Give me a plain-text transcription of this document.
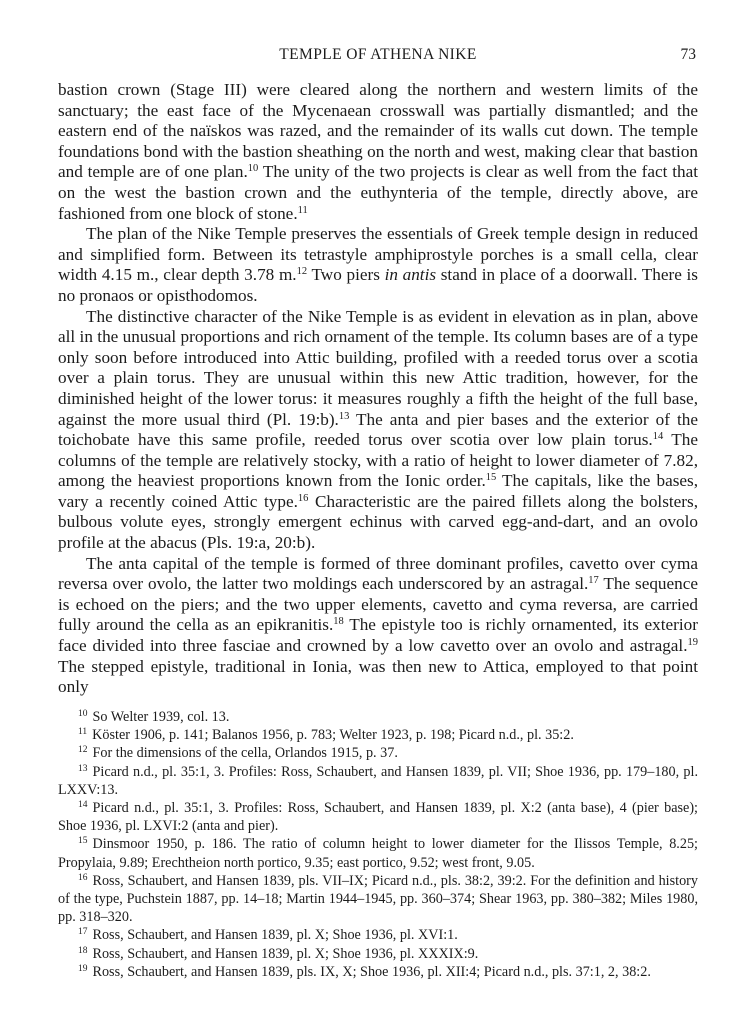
TEMPLE OF ATHENA NIKE	73

bastion crown (Stage III) were cleared along the northern and western limits of the sanctuary; the east face of the Mycenaean crosswall was partially dismantled; and the eastern end of the naïskos was razed, and the remainder of its walls cut down. The temple foundations bond with the bastion sheathing on the north and west, making clear that bastion and temple are of one plan.$^{10}$ The unity of the two projects is clear as well from the fact that on the west the bastion crown and the euthynteria of the temple, directly above, are fashioned from one block of stone.$^{11}$

The plan of the Nike Temple preserves the essentials of Greek temple design in reduced and simplified form. Between its tetrastyle amphiprostyle porches is a small cella, clear width 4.15 m., clear depth 3.78 m.$^{12}$ Two piers in antis stand in place of a doorwall. There is no pronaos or opisthodomos.

The distinctive character of the Nike Temple is as evident in elevation as in plan, above all in the unusual proportions and rich ornament of the temple. Its column bases are of a type only soon before introduced into Attic building, profiled with a reeded torus over a scotia over a plain torus. They are unusual within this new Attic tradition, however, for the diminished height of the lower torus: it measures roughly a fifth the height of the full base, against the more usual third (Pl. 19:b).$^{13}$ The anta and pier bases and the exterior of the toichobate have this same profile, reeded torus over scotia over low plain torus.$^{14}$ The columns of the temple are relatively stocky, with a ratio of height to lower diameter of 7.82, among the heaviest proportions known from the Ionic order.$^{15}$ The capitals, like the bases, vary a recently coined Attic type.$^{16}$ Characteristic are the paired fillets along the bolsters, bulbous volute eyes, strongly emergent echinus with carved egg-and-dart, and an ovolo profile at the abacus (Pls. 19:a, 20:b).

The anta capital of the temple is formed of three dominant profiles, cavetto over cyma reversa over ovolo, the latter two moldings each underscored by an astragal.$^{17}$ The sequence is echoed on the piers; and the two upper elements, cavetto and cyma reversa, are carried fully around the cella as an epikranitis.$^{18}$ The epistyle too is richly ornamented, its exterior face divided into three fasciae and crowned by a low cavetto over an ovolo and astragal.$^{19}$ The stepped epistyle, traditional in Ionia, was then new to Attica, employed to that point only

$^{10}$ So Welter 1939, col. 13.

$^{11}$ Köster 1906, p. 141; Balanos 1956, p. 783; Welter 1923, p. 198; Picard n.d., pl. 35:2.

$^{12}$ For the dimensions of the cella, Orlandos 1915, p. 37.

$^{13}$ Picard n.d., pl. 35:1, 3. Profiles: Ross, Schaubert, and Hansen 1839, pl. VII; Shoe 1936, pp. 179–180, pl. LXXV:13.

$^{14}$ Picard n.d., pl. 35:1, 3. Profiles: Ross, Schaubert, and Hansen 1839, pl. X:2 (anta base), 4 (pier base); Shoe 1936, pl. LXVI:2 (anta and pier).

$^{15}$ Dinsmoor 1950, p. 186. The ratio of column height to lower diameter for the Ilissos Temple, 8.25; Propylaia, 9.89; Erechtheion north portico, 9.35; east portico, 9.52; west front, 9.05.

$^{16}$ Ross, Schaubert, and Hansen 1839, pls. VII–IX; Picard n.d., pls. 38:2, 39:2. For the definition and history of the type, Puchstein 1887, pp. 14–18; Martin 1944–1945, pp. 360–374; Shear 1963, pp. 380–382; Miles 1980, pp. 318–320.

$^{17}$ Ross, Schaubert, and Hansen 1839, pl. X; Shoe 1936, pl. XVI:1.

$^{18}$ Ross, Schaubert, and Hansen 1839, pl. X; Shoe 1936, pl. XXXIX:9.

$^{19}$ Ross, Schaubert, and Hansen 1839, pls. IX, X; Shoe 1936, pl. XII:4; Picard n.d., pls. 37:1, 2, 38:2.
